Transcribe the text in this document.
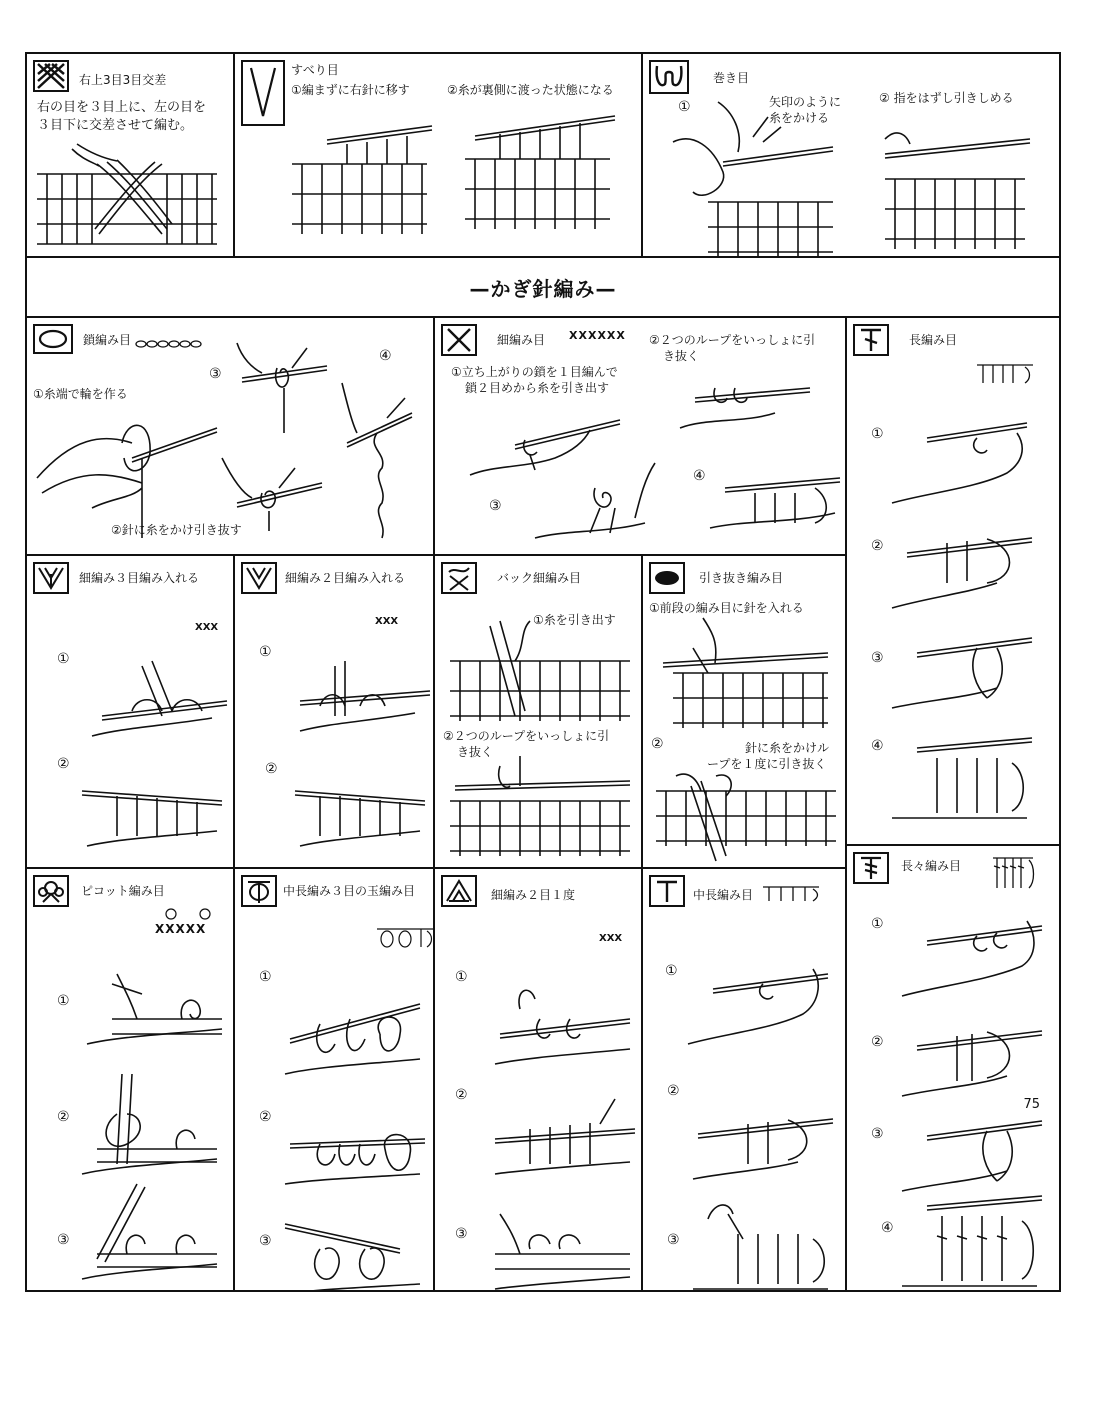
右上3目3目交差
右の目を３目上に、左の目を
３目下に交差させて編む。
すべり目
①編まずに右針に移す	②糸が裏側に渡った状態になる
巻き目
①	矢印のように
糸をかける
② 指をはずし引きしめる
—かぎ針編み—
鎖編み目
①糸端で輪を作る
②針に糸をかけ引き抜す
③
④
細編み目 XXXXXX ②２つのループをいっしょに引
き抜く
①立ち上がりの鎖を１目編んで
鎖２目めから糸を引き出す
③
④
長編み目
①
②
③
④
細編み３目編み入れる
XXX
①
②
細編み２目編み入れる
XXX
①
②
バック細編み目
①糸を引き出す
②２つのループをいっしょに引
き抜く
引き抜き編み目
①前段の編み目に針を入れる
②	針に糸をかけル
ープを１度に引き抜く
長々編み目
①
②
③
④
ピコット編み目
XXXXX
①
②
③
中長編み３目の玉編み目
①
②
③
細編み２目１度
XXX
①
②
③
中長編み目
①
②
③
75
